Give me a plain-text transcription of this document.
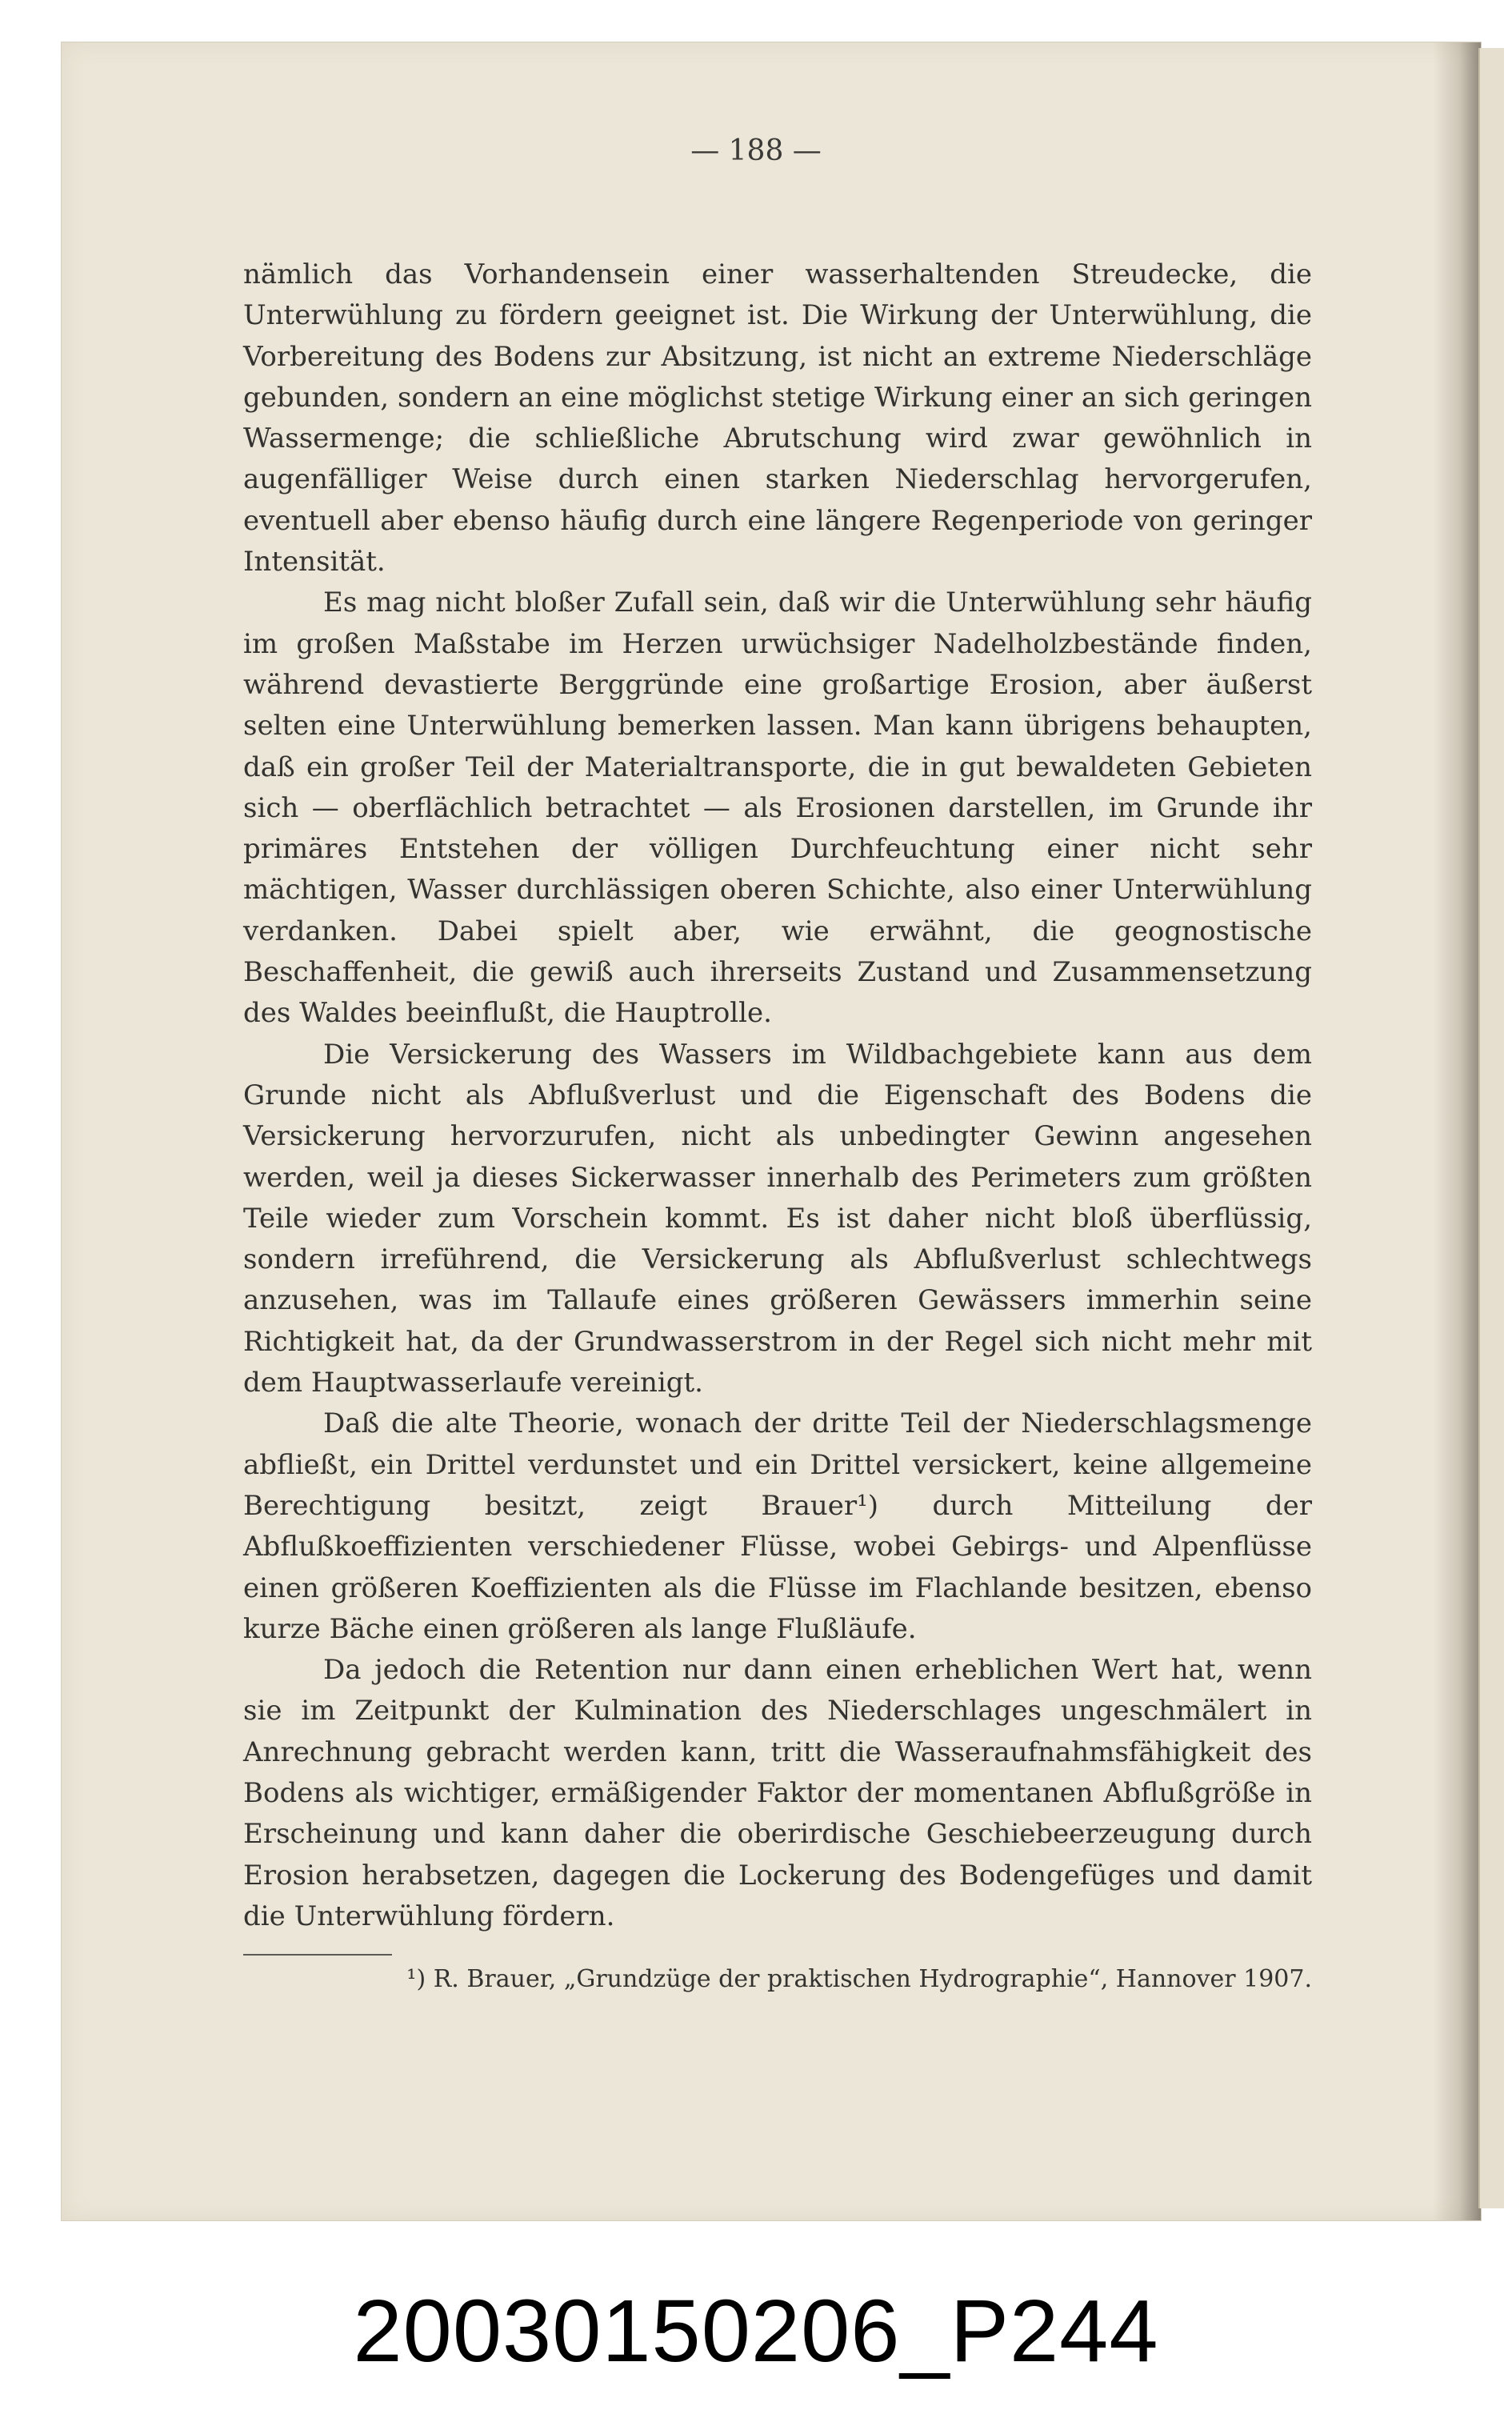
— 188 —

nämlich das Vorhandensein einer wasserhaltenden Streudecke, die Unterwühlung zu fördern geeignet ist. Die Wirkung der Unterwühlung, die Vorbereitung des Bodens zur Absitzung, ist nicht an extreme Niederschläge gebunden, sondern an eine möglichst stetige Wirkung einer an sich geringen Wassermenge; die schließliche Abrutschung wird zwar gewöhnlich in augenfälliger Weise durch einen starken Niederschlag hervorgerufen, eventuell aber ebenso häufig durch eine längere Regenperiode von geringer Intensität.

Es mag nicht bloßer Zufall sein, daß wir die Unterwühlung sehr häufig im großen Maßstabe im Herzen urwüchsiger Nadelholzbestände finden, während devastierte Berggründe eine großartige Erosion, aber äußerst selten eine Unterwühlung bemerken lassen. Man kann übrigens behaupten, daß ein großer Teil der Materialtransporte, die in gut bewaldeten Gebieten sich — oberflächlich betrachtet — als Erosionen darstellen, im Grunde ihr primäres Entstehen der völligen Durchfeuchtung einer nicht sehr mächtigen, Wasser durchlässigen oberen Schichte, also einer Unterwühlung verdanken. Dabei spielt aber, wie erwähnt, die geognostische Beschaffenheit, die gewiß auch ihrerseits Zustand und Zusammensetzung des Waldes beeinflußt, die Hauptrolle.

Die Versickerung des Wassers im Wildbachgebiete kann aus dem Grunde nicht als Abflußverlust und die Eigenschaft des Bodens die Versickerung hervorzurufen, nicht als unbedingter Gewinn angesehen werden, weil ja dieses Sickerwasser innerhalb des Perimeters zum größten Teile wieder zum Vorschein kommt. Es ist daher nicht bloß überflüssig, sondern irreführend, die Versickerung als Abflußverlust schlechtwegs anzusehen, was im Tallaufe eines größeren Gewässers immerhin seine Richtigkeit hat, da der Grundwasserstrom in der Regel sich nicht mehr mit dem Hauptwasserlaufe vereinigt.

Daß die alte Theorie, wonach der dritte Teil der Niederschlagsmenge abfließt, ein Drittel verdunstet und ein Drittel versickert, keine allgemeine Berechtigung besitzt, zeigt Brauer¹) durch Mitteilung der Abflußkoeffizienten verschiedener Flüsse, wobei Gebirgs- und Alpenflüsse einen größeren Koeffizienten als die Flüsse im Flachlande besitzen, ebenso kurze Bäche einen größeren als lange Flußläufe.

Da jedoch die Retention nur dann einen erheblichen Wert hat, wenn sie im Zeitpunkt der Kulmination des Niederschlages ungeschmälert in Anrechnung gebracht werden kann, tritt die Wasseraufnahmsfähigkeit des Bodens als wichtiger, ermäßigender Faktor der momentanen Abflußgröße in Erscheinung und kann daher die oberirdische Geschiebeerzeugung durch Erosion herabsetzen, dagegen die Lockerung des Bodengefüges und damit die Unterwühlung fördern.

¹) R. Brauer, „Grundzüge der praktischen Hydrographie“, Hannover 1907.
20030150206_P244
